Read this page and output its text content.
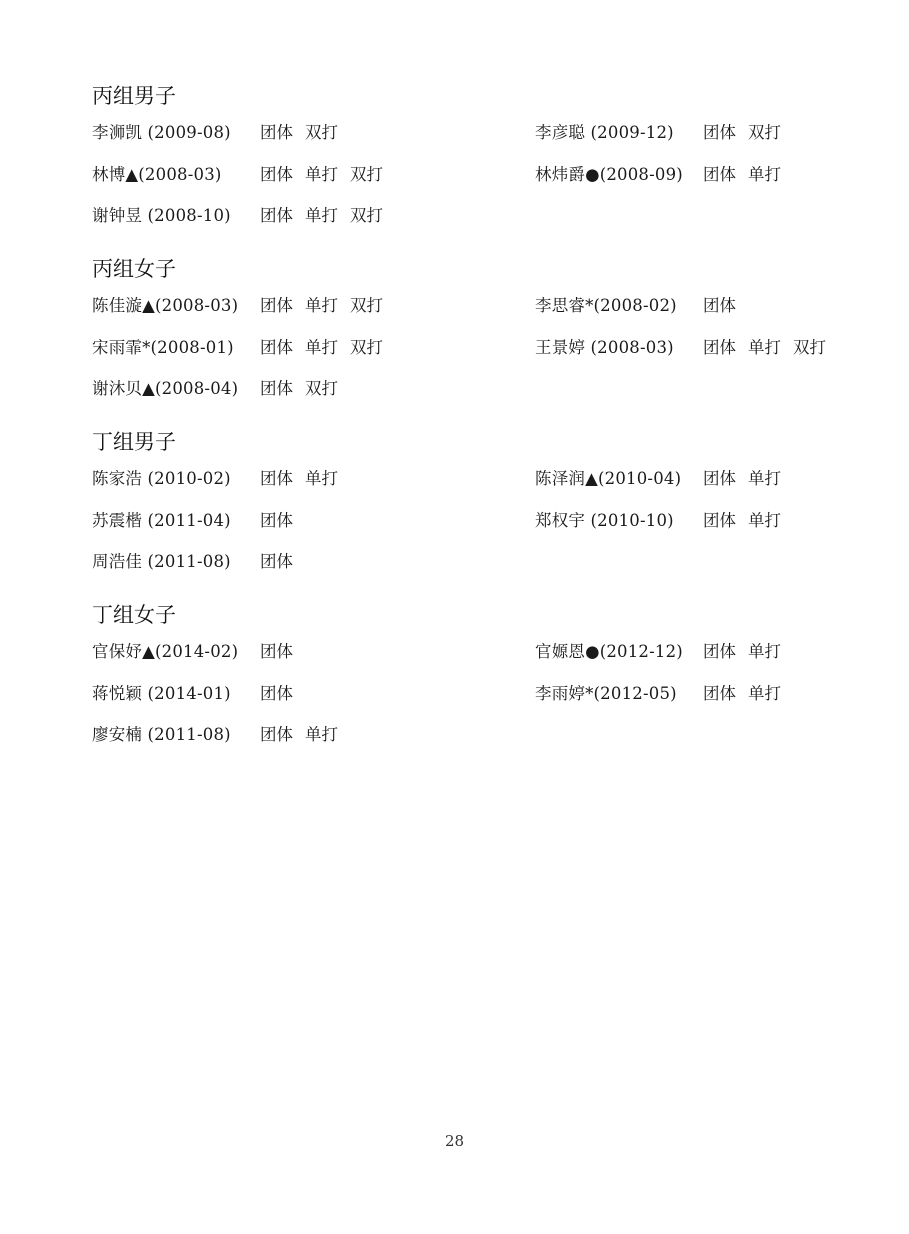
丙组男子
李浉凯 (2009-08)	团体 双打	李彦聪 (2009-12)	团体 双打
林博▲(2008-03)	团体 单打 双打	林炜爵●(2008-09)	团体 单打
谢钟昱 (2008-10)	团体 单打 双打
丙组女子
陈佳漩▲(2008-03)	团体 单打 双打	李思睿*(2008-02)	团体
宋雨霏*(2008-01)	团体 单打 双打	王景婷 (2008-03)	团体 单打 双打
谢沐贝▲(2008-04)	团体 双打
丁组男子
陈家浩 (2010-02)	团体 单打	陈泽润▲(2010-04)	团体 单打
苏震楷 (2011-04)	团体	郑权宇 (2010-10)	团体 单打
周浩佳 (2011-08)	团体
丁组女子
官保妤▲(2014-02)	团体	官嫄恩●(2012-12)	团体 单打
蒋悦颖 (2014-01)	团体	李雨婷*(2012-05)	团体 单打
廖安楠 (2011-08)	团体 单打
28
